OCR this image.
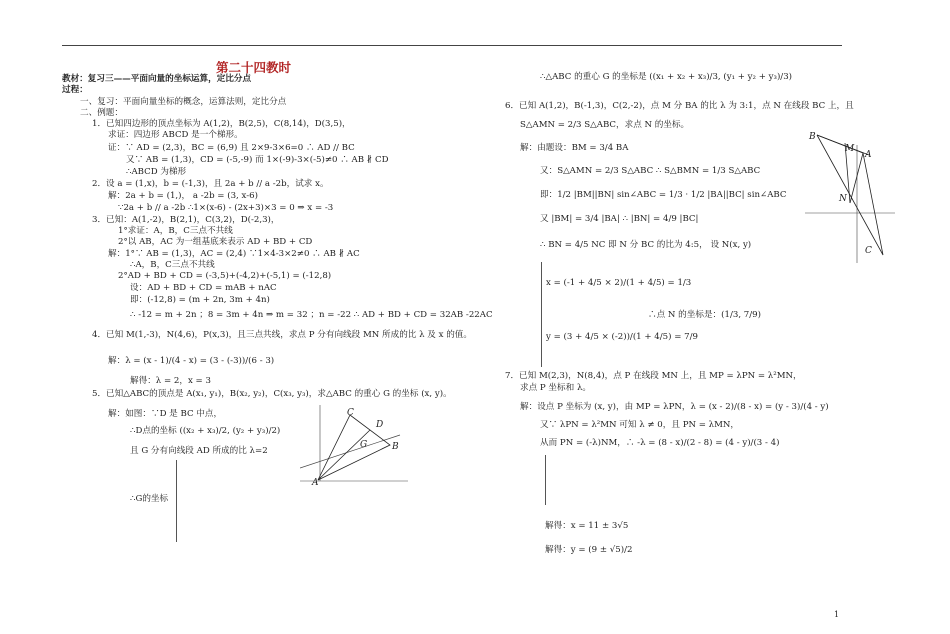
第二十四教时
教材：复习三——平面向量的坐标运算，定比分点
过程：
一、复习：平面向量坐标的概念，运算法则，定比分点
二、例题：
1．已知四边形的顶点坐标为 A(1,2)，B(2,5)，C(8,14)，D(3,5)，
求证：四边形 ABCD 是一个梯形。
证：∵ AD = (2,3)，BC = (6,9) 且 2×9-3×6=0 ∴ AD // BC
又∵ AB = (1,3)，CD = (-5,-9) 而 1×(-9)-3×(-5)≠0 ∴ AB ∦ CD
∴ABCD 为梯形
2．设 a = (1,x)，b = (-1,3)，且 2a + b // a -2b，试求 x。
解：2a + b = (1,)， a -2b = (3, x-6)
∵2a + b // a -2b ∴1×(x-6) - (2x+3)×3 = 0 ⇒ x = -3
3．已知：A(1,-2)，B(2,1)，C(3,2)，D(-2,3)，
1°求证：A，B，C三点不共线
2°以 AB，AC 为一组基底来表示 AD + BD + CD
解：1°∵ AB = (1,3)，AC = (2,4) ∵1×4-3×2≠0 ∴ AB ∦ AC
∴A，B，C三点不共线
2°AD + BD + CD = (-3,5)+(-4,2)+(-5,1) = (-12,8)
设：AD + BD + CD = mAB + nAC
即：(-12,8) = (m + 2n, 3m + 4n)
∴ -12 = m + 2n ；8 = 3m + 4n ⇒ m = 32 ；n = -22 ∴ AD + BD + CD = 32AB -22AC
4．已知 M(1,-3)，N(4,6)，P(x,3)，且三点共线，求点 P 分有向线段 MN 所成的比 λ 及 x 的值。
解：λ = (x - 1)/(4 - x) = (3 - (-3))/(6 - 3)
解得：λ = 2，x = 3
5．已知△ABC的顶点是 A(x₁, y₁)，B(x₂, y₂)，C(x₃, y₃)，求△ABC 的重心 G 的坐标 (x, y)。
解：如图：∵D 是 BC 中点，
∴D点的坐标 ((x₂ + x₃)/2, (y₂ + y₃)/2)
且 G 分有向线段 AD 所成的比 λ=2
∴G的坐标
C
D
G	B
A
∴△ABC 的重心 G 的坐标是 ((x₁ + x₂ + x₃)/3, (y₁ + y₂ + y₃)/3)
6．已知 A(1,2)，B(-1,3)，C(2,-2)，点 M 分 BA 的比 λ 为 3:1，点 N 在线段 BC 上，且
S△AMN = 2/3 S△ABC，求点 N 的坐标。
解：由题设：BM = 3/4 BA
又：S△AMN = 2/3 S△ABC ∴ S△BMN = 1/3 S△ABC
即：1/2 |BM||BN| sin∠ABC = 1/3 · 1/2 |BA||BC| sin∠ABC
又 |BM| = 3/4 |BA| ∴ |BN| = 4/9 |BC|
∴ BN = 4/5 NC 即 N 分 BC 的比为 4:5， 设 N(x, y)
x = (-1 + 4/5 × 2)/(1 + 4/5) = 1/3
y = (3 + 4/5 × (-2))/(1 + 4/5) = 7/9
∴点 N 的坐标是：(1/3, 7/9)
7．已知 M(2,3)，N(8,4)，点 P 在线段 MN 上，且 MP = λPN = λ²MN，
求点 P 坐标和 λ。
解：设点 P 坐标为 (x, y)，由 MP = λPN，λ = (x - 2)/(8 - x) = (y - 3)/(4 - y)
又∵ λPN = λ²MN 可知 λ ≠ 0，且 PN = λMN，
从而 PN = (-λ)NM，∴ -λ = (8 - x)/(2 - 8) = (4 - y)/(3 - 4)
解得：x = 11 ± 3√5
解得：y = (9 ± √5)/2
B
M
A
N
C
1
